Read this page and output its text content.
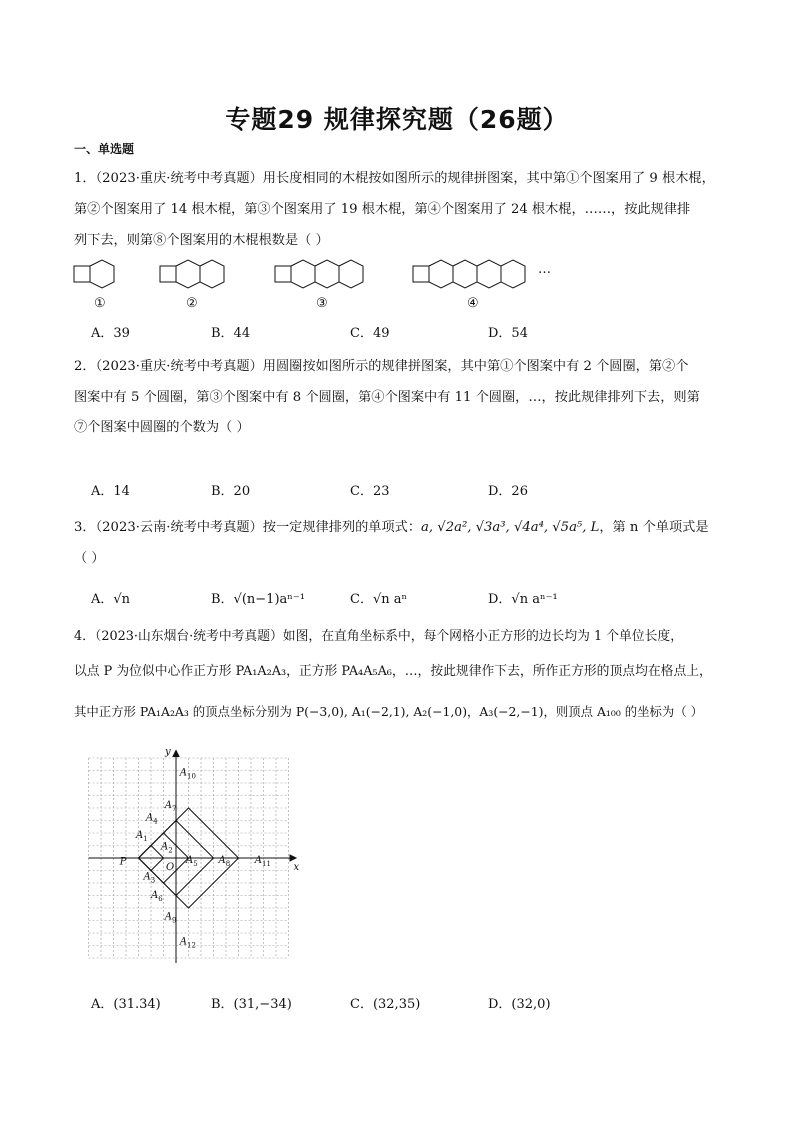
专题29 规律探究题（26题）
一、单选题
1．（2023·重庆·统考中考真题）用长度相同的木棍按如图所示的规律拼图案，其中第①个图案用了 9 根木棍，
第②个图案用了 14 根木棍，第③个图案用了 19 根木棍，第④个图案用了 24 根木棍，……，按此规律排
列下去，则第⑧个图案用的木棍根数是（ ）
…
①	②	③	④
A．39	B．44	C．49	D．54
2．（2023·重庆·统考中考真题）用圆圈按如图所示的规律拼图案，其中第①个图案中有 2 个圆圈，第②个
图案中有 5 个圆圈，第③个图案中有 8 个圆圈，第④个图案中有 11 个圆圈，…，按此规律排列下去，则第
⑦个图案中圆圈的个数为（ ）
A．14	B．20	C．23	D．26
3．（2023·云南·统考中考真题）按一定规律排列的单项式：a, √2a², √3a³, √4a⁴, √5a⁵, L，第 n 个单项式是
（ ）
A．√n	B．√(n−1)aⁿ⁻¹	C．√n aⁿ	D．√n aⁿ⁻¹
4．（2023·山东烟台·统考中考真题）如图，在直角坐标系中，每个网格小正方形的边长均为 1 个单位长度，
以点 P 为位似中心作正方形 PA₁A₂A₃，正方形 PA₄A₅A₆，…，按此规律作下去，所作正方形的顶点均在格点上，
其中正方形 PA₁A₂A₃ 的顶点坐标分别为 P(−3,0), A₁(−2,1), A₂(−1,0)，A₃(−2,−1)，则顶点 A₁₀₀ 的坐标为（ ）
P
$A_1$
$A_2$
$A_3$
$A_4$
$A_5$
$A_6$
$A_7$
$A_8$
$A_9$
$A_{10}$
$A_{11}$
$A_{12}$
x
y
O
A．(31.34)	B．(31,−34)	C．(32,35)	D．(32,0)
